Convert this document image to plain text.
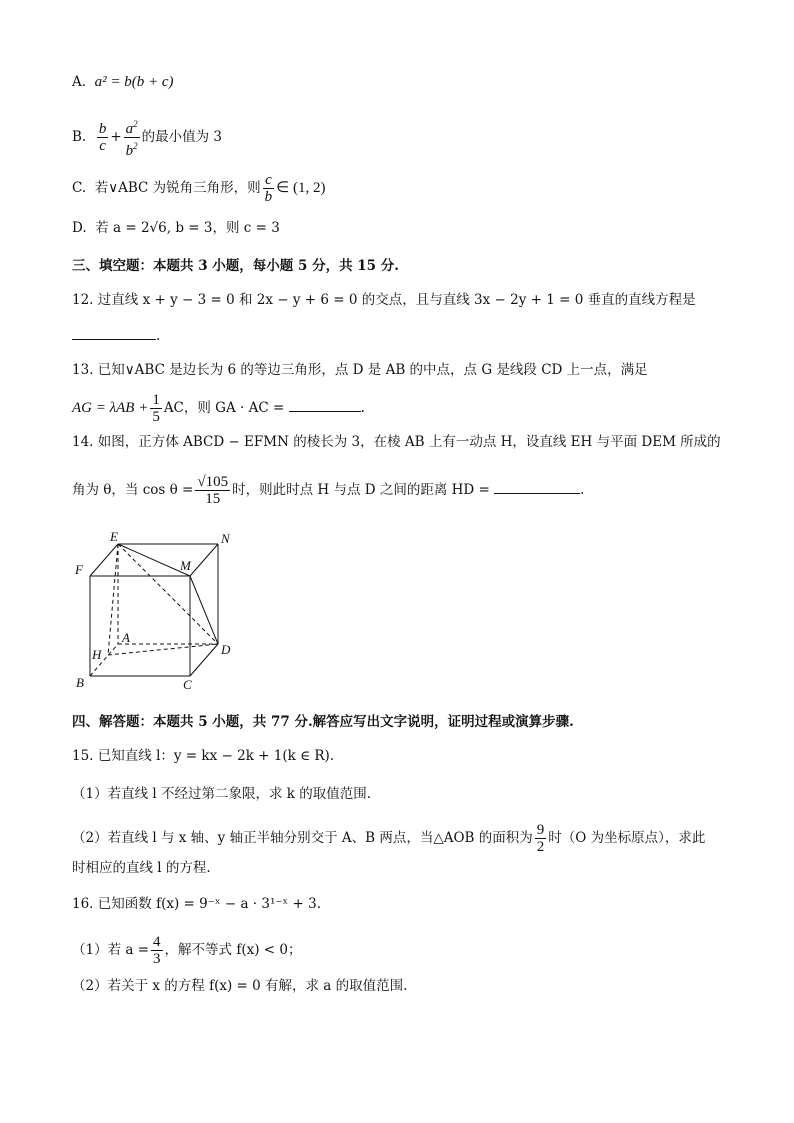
A. a² = b(b + c)
B. $\frac{b}{c} + \frac{a^2}{b^2}$ 的最小值为 3
C. 若∨ABC 为锐角三角形，则 $\frac{c}{b}$ ∈ (1, 2)
D. 若 a = 2√6, b = 3，则 c = 3
三、填空题：本题共 3 小题，每小题 5 分，共 15 分.
12. 过直线 x + y − 3 = 0 和 2x − y + 6 = 0 的交点，且与直线 3x − 2y + 1 = 0 垂直的直线方程是
.
13. 已知∨ABC 是边长为 6 的等边三角形，点 D 是 AB 的中点，点 G 是线段 CD 上一点，满足
AG = $\lambda AB + \frac{1}{5}$ AC，则 GA · AC =	.
14. 如图，正方体 ABCD − EFMN 的棱长为 3，在棱 AB 上有一动点 H，设直线 EH 与平面 DEM 所成的
角为 θ，当 $\cos \theta = \frac{√105}{15}$ 时，则此时点 H 与点 D 之间的距离 HD =	.
E	N
F	M
A
H	D
B	C
四、解答题：本题共 5 小题，共 77 分.解答应写出文字说明，证明过程或演算步骤.
15. 已知直线 l：y = kx − 2k + 1(k ∈ R).
（1）若直线 l 不经过第二象限，求 k 的取值范围.
（2）若直线 l 与 x 轴、y 轴正半轴分别交于 A、B 两点，当△AOB 的面积为 $\frac{9}{2}$ 时（O 为坐标原点），求此
时相应的直线 l 的方程.
16. 已知函数 f(x) = 9⁻ˣ − a · 3¹⁻ˣ + 3.
（1）若 $a = \frac{4}{3}$ ，解不等式 f(x) < 0；
（2）若关于 x 的方程 f(x) = 0 有解，求 a 的取值范围.
